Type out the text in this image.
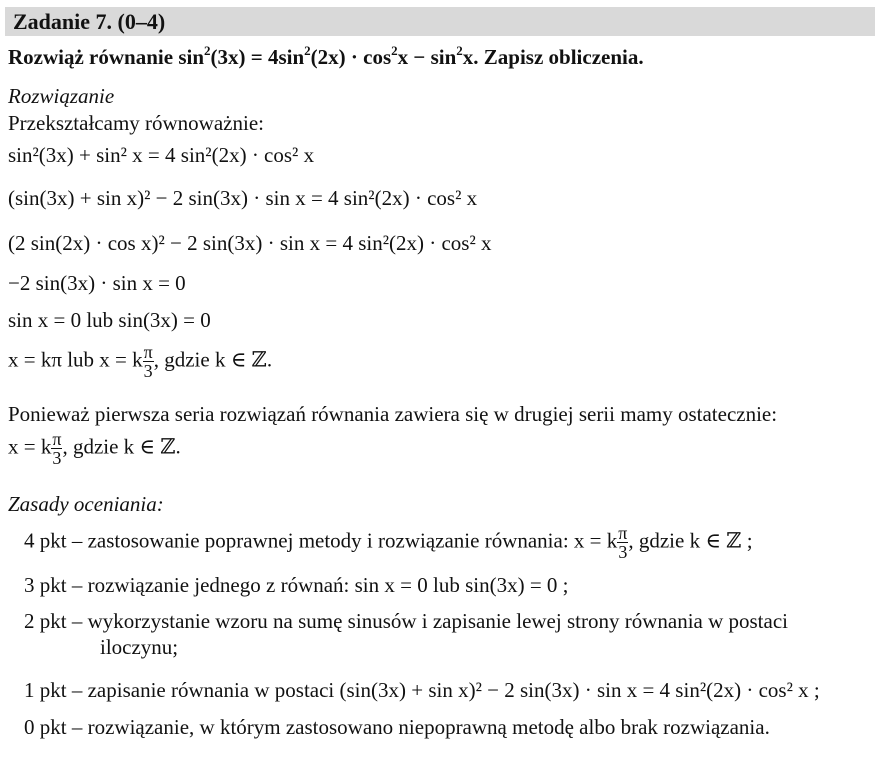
Zadanie 7. (0–4)
Rozwiąż równanie $\sin^2(3x) = 4\sin^2(2x) \cdot \cos^2x - \sin^2x$. Zapisz obliczenia.
Rozwiązanie
Przekształcamy równoważnie:
sin²(3x) + sin² x = 4 sin²(2x) · cos² x
(sin(3x) + sin x)² − 2 sin(3x) · sin x = 4 sin²(2x) · cos² x
(2 sin(2x) · cos x)² − 2 sin(3x) · sin x = 4 sin²(2x) · cos² x
−2 sin(3x) · sin x = 0
sin x = 0 lub sin(3x) = 0
x = kπ lub x = k $\frac{\pi}{3}$ , gdzie k ∈ ℤ.
Ponieważ pierwsza seria rozwiązań równania zawiera się w drugiej serii mamy ostatecznie:
x = k $\frac{\pi}{3}$ , gdzie k ∈ ℤ.
Zasady oceniania:
4 pkt – zastosowanie poprawnej metody i rozwiązanie równania: x = k $\frac{\pi}{3}$ , gdzie k ∈ ℤ ;
3 pkt – rozwiązanie jednego z równań: sin x = 0 lub sin(3x) = 0 ;
2 pkt – wykorzystanie wzoru na sumę sinusów i zapisanie lewej strony równania w postaci
iloczynu;
1 pkt – zapisanie równania w postaci (sin(3x) + sin x)² − 2 sin(3x) · sin x = 4 sin²(2x) · cos² x ;
0 pkt – rozwiązanie, w którym zastosowano niepoprawną metodę albo brak rozwiązania.
